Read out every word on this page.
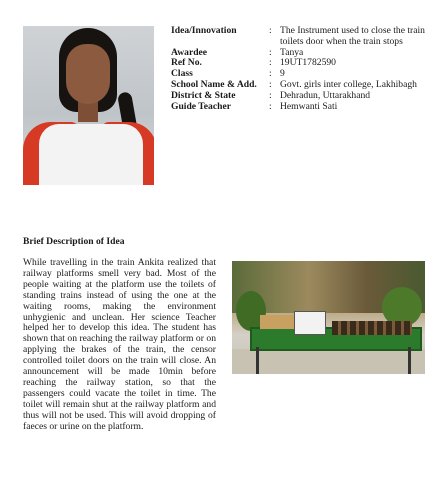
Idea/Innovation	: The Instrument used to close the train toilets door when the train stops
Awardee	: Tanya
Ref No.	: 19UT1782590
Class	: 9
School Name & Add.	: Govt. girls inter college, Lakhibagh
District & State	: Dehradun, Uttarakhand
Guide Teacher	: Hemwanti Sati
Brief Description of Idea
While travelling in the train Ankita realized that railway platforms smell very bad. Most of the people waiting at the platform use the toilets of standing trains instead of using the one at the waiting rooms, making the environment unhygienic and unclean. Her science Teacher helped her to develop this idea. The student has shown that on reaching the railway platform or on applying the brakes of the train, the censor controlled toilet doors on the train will close. An announcement will be made 10min before reaching the railway station, so that the passengers could vacate the toilet in time. The toilet will remain shut at the railway platform and thus will not be used. This will avoid dropping of faeces or urine on the platform.
